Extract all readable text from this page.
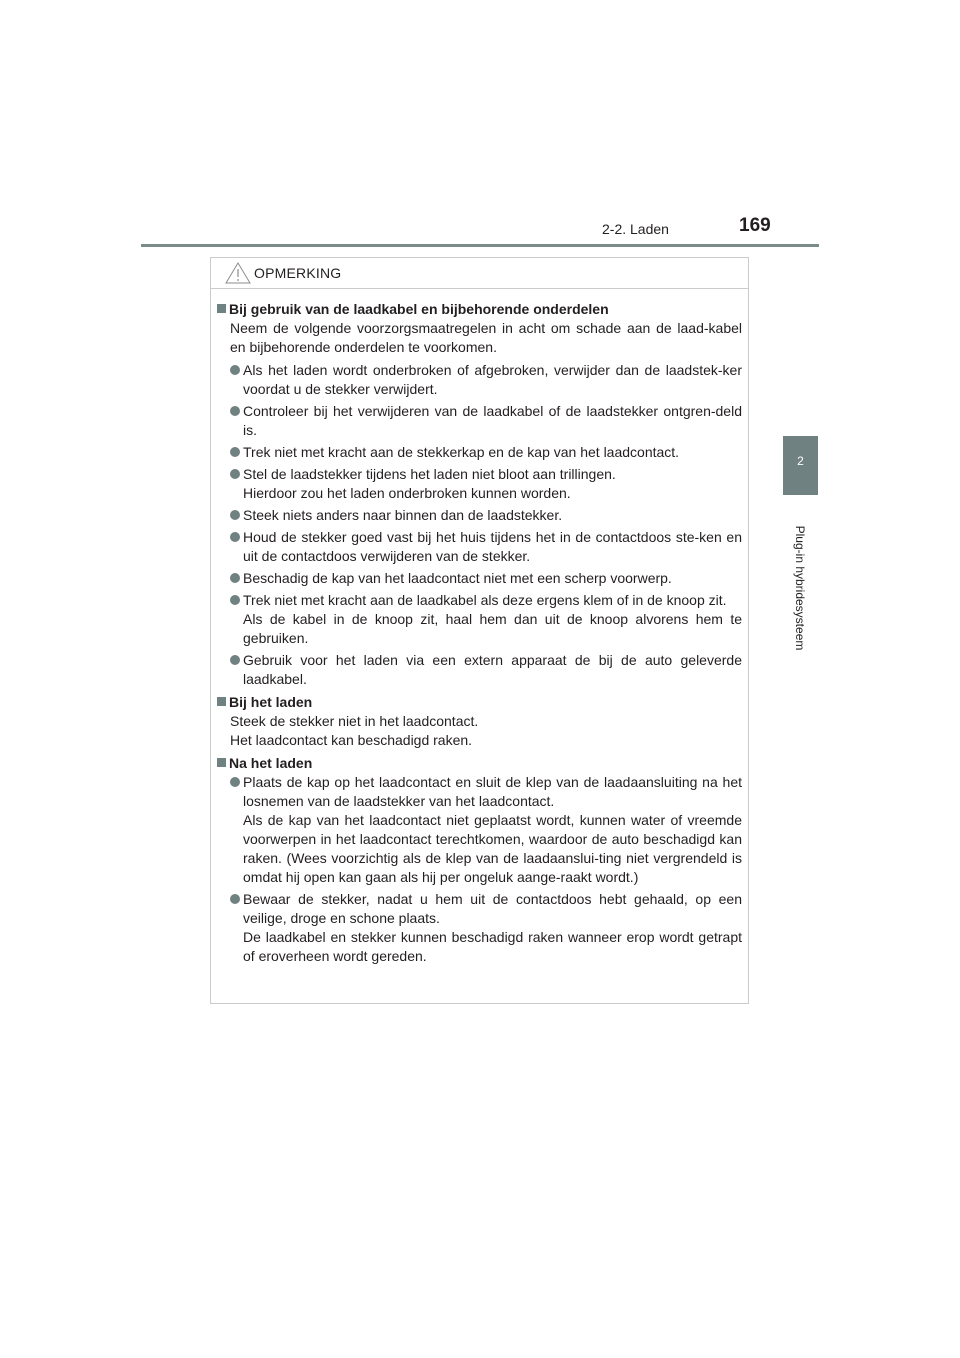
2-2. Laden	169
2
Plug-in hybridesysteem
OPMERKING
Bij gebruik van de laadkabel en bijbehorende onderdelen
Neem de volgende voorzorgsmaatregelen in acht om schade aan de laad-kabel en bijbehorende onderdelen te voorkomen.
Als het laden wordt onderbroken of afgebroken, verwijder dan de laadstek-ker voordat u de stekker verwijdert.
Controleer bij het verwijderen van de laadkabel of de laadstekker ontgren-deld is.
Trek niet met kracht aan de stekkerkap en de kap van het laadcontact.
Stel de laadstekker tijdens het laden niet bloot aan trillingen.
Hierdoor zou het laden onderbroken kunnen worden.
Steek niets anders naar binnen dan de laadstekker.
Houd de stekker goed vast bij het huis tijdens het in de contactdoos ste-ken en uit de contactdoos verwijderen van de stekker.
Beschadig de kap van het laadcontact niet met een scherp voorwerp.
Trek niet met kracht aan de laadkabel als deze ergens klem of in de knoop zit.
Als de kabel in de knoop zit, haal hem dan uit de knoop alvorens hem te gebruiken.
Gebruik voor het laden via een extern apparaat de bij de auto geleverde laadkabel.
Bij het laden
Steek de stekker niet in het laadcontact.
Het laadcontact kan beschadigd raken.
Na het laden
Plaats de kap op het laadcontact en sluit de klep van de laadaansluiting na het losnemen van de laadstekker van het laadcontact.
Als de kap van het laadcontact niet geplaatst wordt, kunnen water of vreemde voorwerpen in het laadcontact terechtkomen, waardoor de auto beschadigd kan raken. (Wees voorzichtig als de klep van de laadaanslui-ting niet vergrendeld is omdat hij open kan gaan als hij per ongeluk aange-raakt wordt.)
Bewaar de stekker, nadat u hem uit de contactdoos hebt gehaald, op een veilige, droge en schone plaats.
De laadkabel en stekker kunnen beschadigd raken wanneer erop wordt getrapt of eroverheen wordt gereden.
